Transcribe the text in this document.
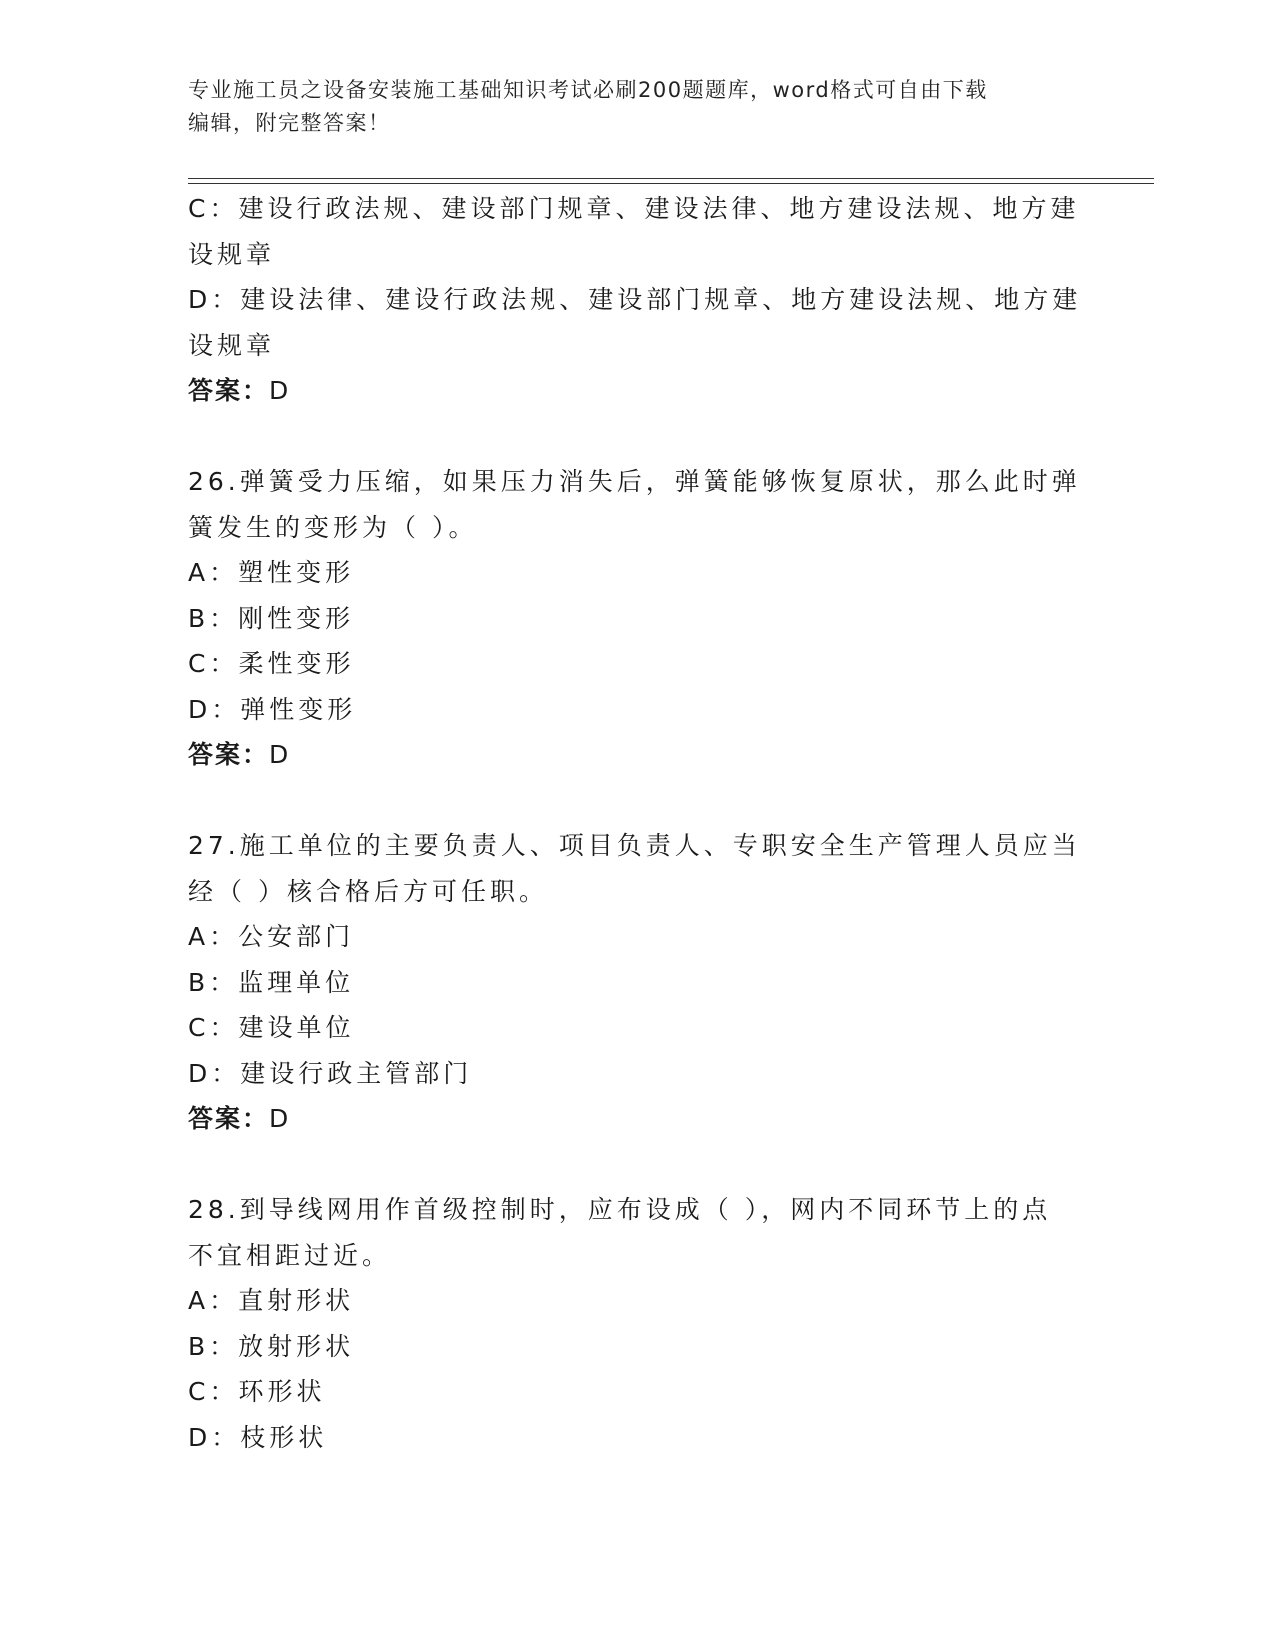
专业施工员之设备安装施工基础知识考试必刷200题题库，word格式可自由下载
编辑，附完整答案！
C：建设行政法规、建设部门规章、建设法律、地方建设法规、地方建
设规章
D：建设法律、建设行政法规、建设部门规章、地方建设法规、地方建
设规章
答案：D
26.弹簧受力压缩，如果压力消失后，弹簧能够恢复原状，那么此时弹
簧发生的变形为（ ）。
A：塑性变形
B：刚性变形
C：柔性变形
D：弹性变形
答案：D
27.施工单位的主要负责人、项目负责人、专职安全生产管理人员应当
经（ ）核合格后方可任职。
A：公安部门
B：监理单位
C：建设单位
D：建设行政主管部门
答案：D
28.到导线网用作首级控制时，应布设成（ ），网内不同环节上的点
不宜相距过近。
A：直射形状
B：放射形状
C：环形状
D：枝形状
